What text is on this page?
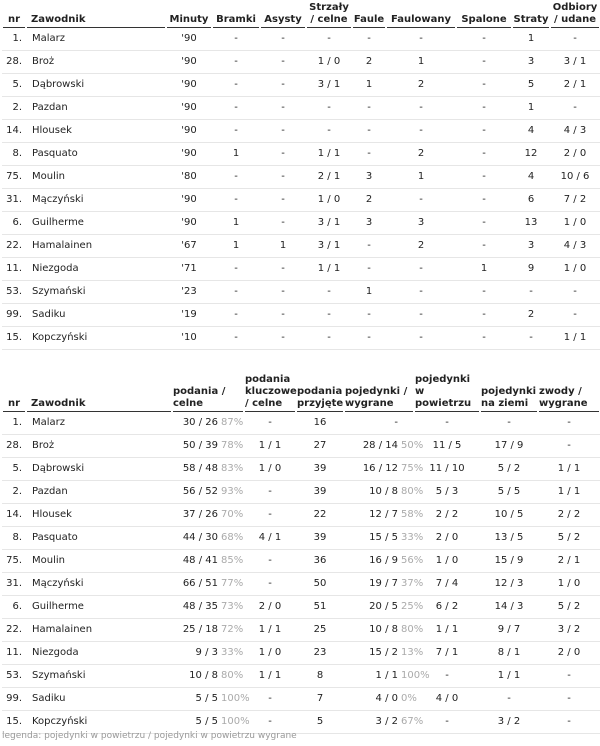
nr	Zawodnik	Minuty	Bramki	Asysty	Strzały / celne	Faule	Faulowany	Spalone	Straty	Odbiory / udane

1.	Malarz	'90	-	-	-	-	-	-	1	-
28.	Broż	'90	-	-	1 / 0	2	1	-	3	3 / 1
5.	Dąbrowski	'90	-	-	3 / 1	1	2	-	5	2 / 1
2.	Pazdan	'90	-	-	-	-	-	-	1	-
14.	Hlousek	'90	-	-	-	-	-	-	4	4 / 3
8.	Pasquato	'90	1	-	1 / 1	-	2	-	12	2 / 0
75.	Moulin	'80	-	-	2 / 1	3	1	-	4	10 / 6
31.	Mączyński	'90	-	-	1 / 0	2	-	-	6	7 / 2
6.	Guilherme	'90	1	-	3 / 1	3	3	-	13	1 / 0
22.	Hamalainen	'67	1	1	3 / 1	-	2	-	3	4 / 3
11.	Niezgoda	'71	-	-	1 / 1	-	-	1	9	1 / 0
53.	Szymański	'23	-	-	-	1	-	-	-	-
99.	Sadiku	'19	-	-	-	-	-	-	2	-
15.	Kopczyński	'10	-	-	-	-	-	-	-	1 / 1
nr	Zawodnik	podania / celne	podania kluczowe / celne	podania przyjęte	pojedynki / wygrane	pojedynki w powietrzu	pojedynki na ziemi	zwody / wygrane

1.	Malarz	30 / 26 87%	-	16	-	-	-	-
28.	Broż	50 / 39 78%	1 / 1	27	28 / 14 50%	11 / 5	17 / 9	-
5.	Dąbrowski	58 / 48 83%	1 / 0	39	16 / 12 75%	11 / 10	5 / 2	1 / 1
2.	Pazdan	56 / 52 93%	-	39	10 / 8 80%	5 / 3	5 / 5	1 / 1
14.	Hlousek	37 / 26 70%	-	22	12 / 7 58%	2 / 2	10 / 5	2 / 2
8.	Pasquato	44 / 30 68%	4 / 1	39	15 / 5 33%	2 / 0	13 / 5	5 / 2
75.	Moulin	48 / 41 85%	-	36	16 / 9 56%	1 / 0	15 / 9	2 / 1
31.	Mączyński	66 / 51 77%	-	50	19 / 7 37%	7 / 4	12 / 3	1 / 0
6.	Guilherme	48 / 35 73%	2 / 0	51	20 / 5 25%	6 / 2	14 / 3	5 / 2
22.	Hamalainen	25 / 18 72%	1 / 1	25	10 / 8 80%	1 / 1	9 / 7	3 / 2
11.	Niezgoda	9 / 3 33%	1 / 0	23	15 / 2 13%	7 / 1	8 / 1	2 / 0
53.	Szymański	10 / 8 80%	1 / 1	8	1 / 1 100%	-	1 / 1	-
99.	Sadiku	5 / 5 100%	-	7	4 / 0 0%	4 / 0	-	-
15.	Kopczyński	5 / 5 100%	-	5	3 / 2 67%	-	3 / 2	-
legenda: pojedynki w powietrzu / pojedynki w powietrzu wygrane
